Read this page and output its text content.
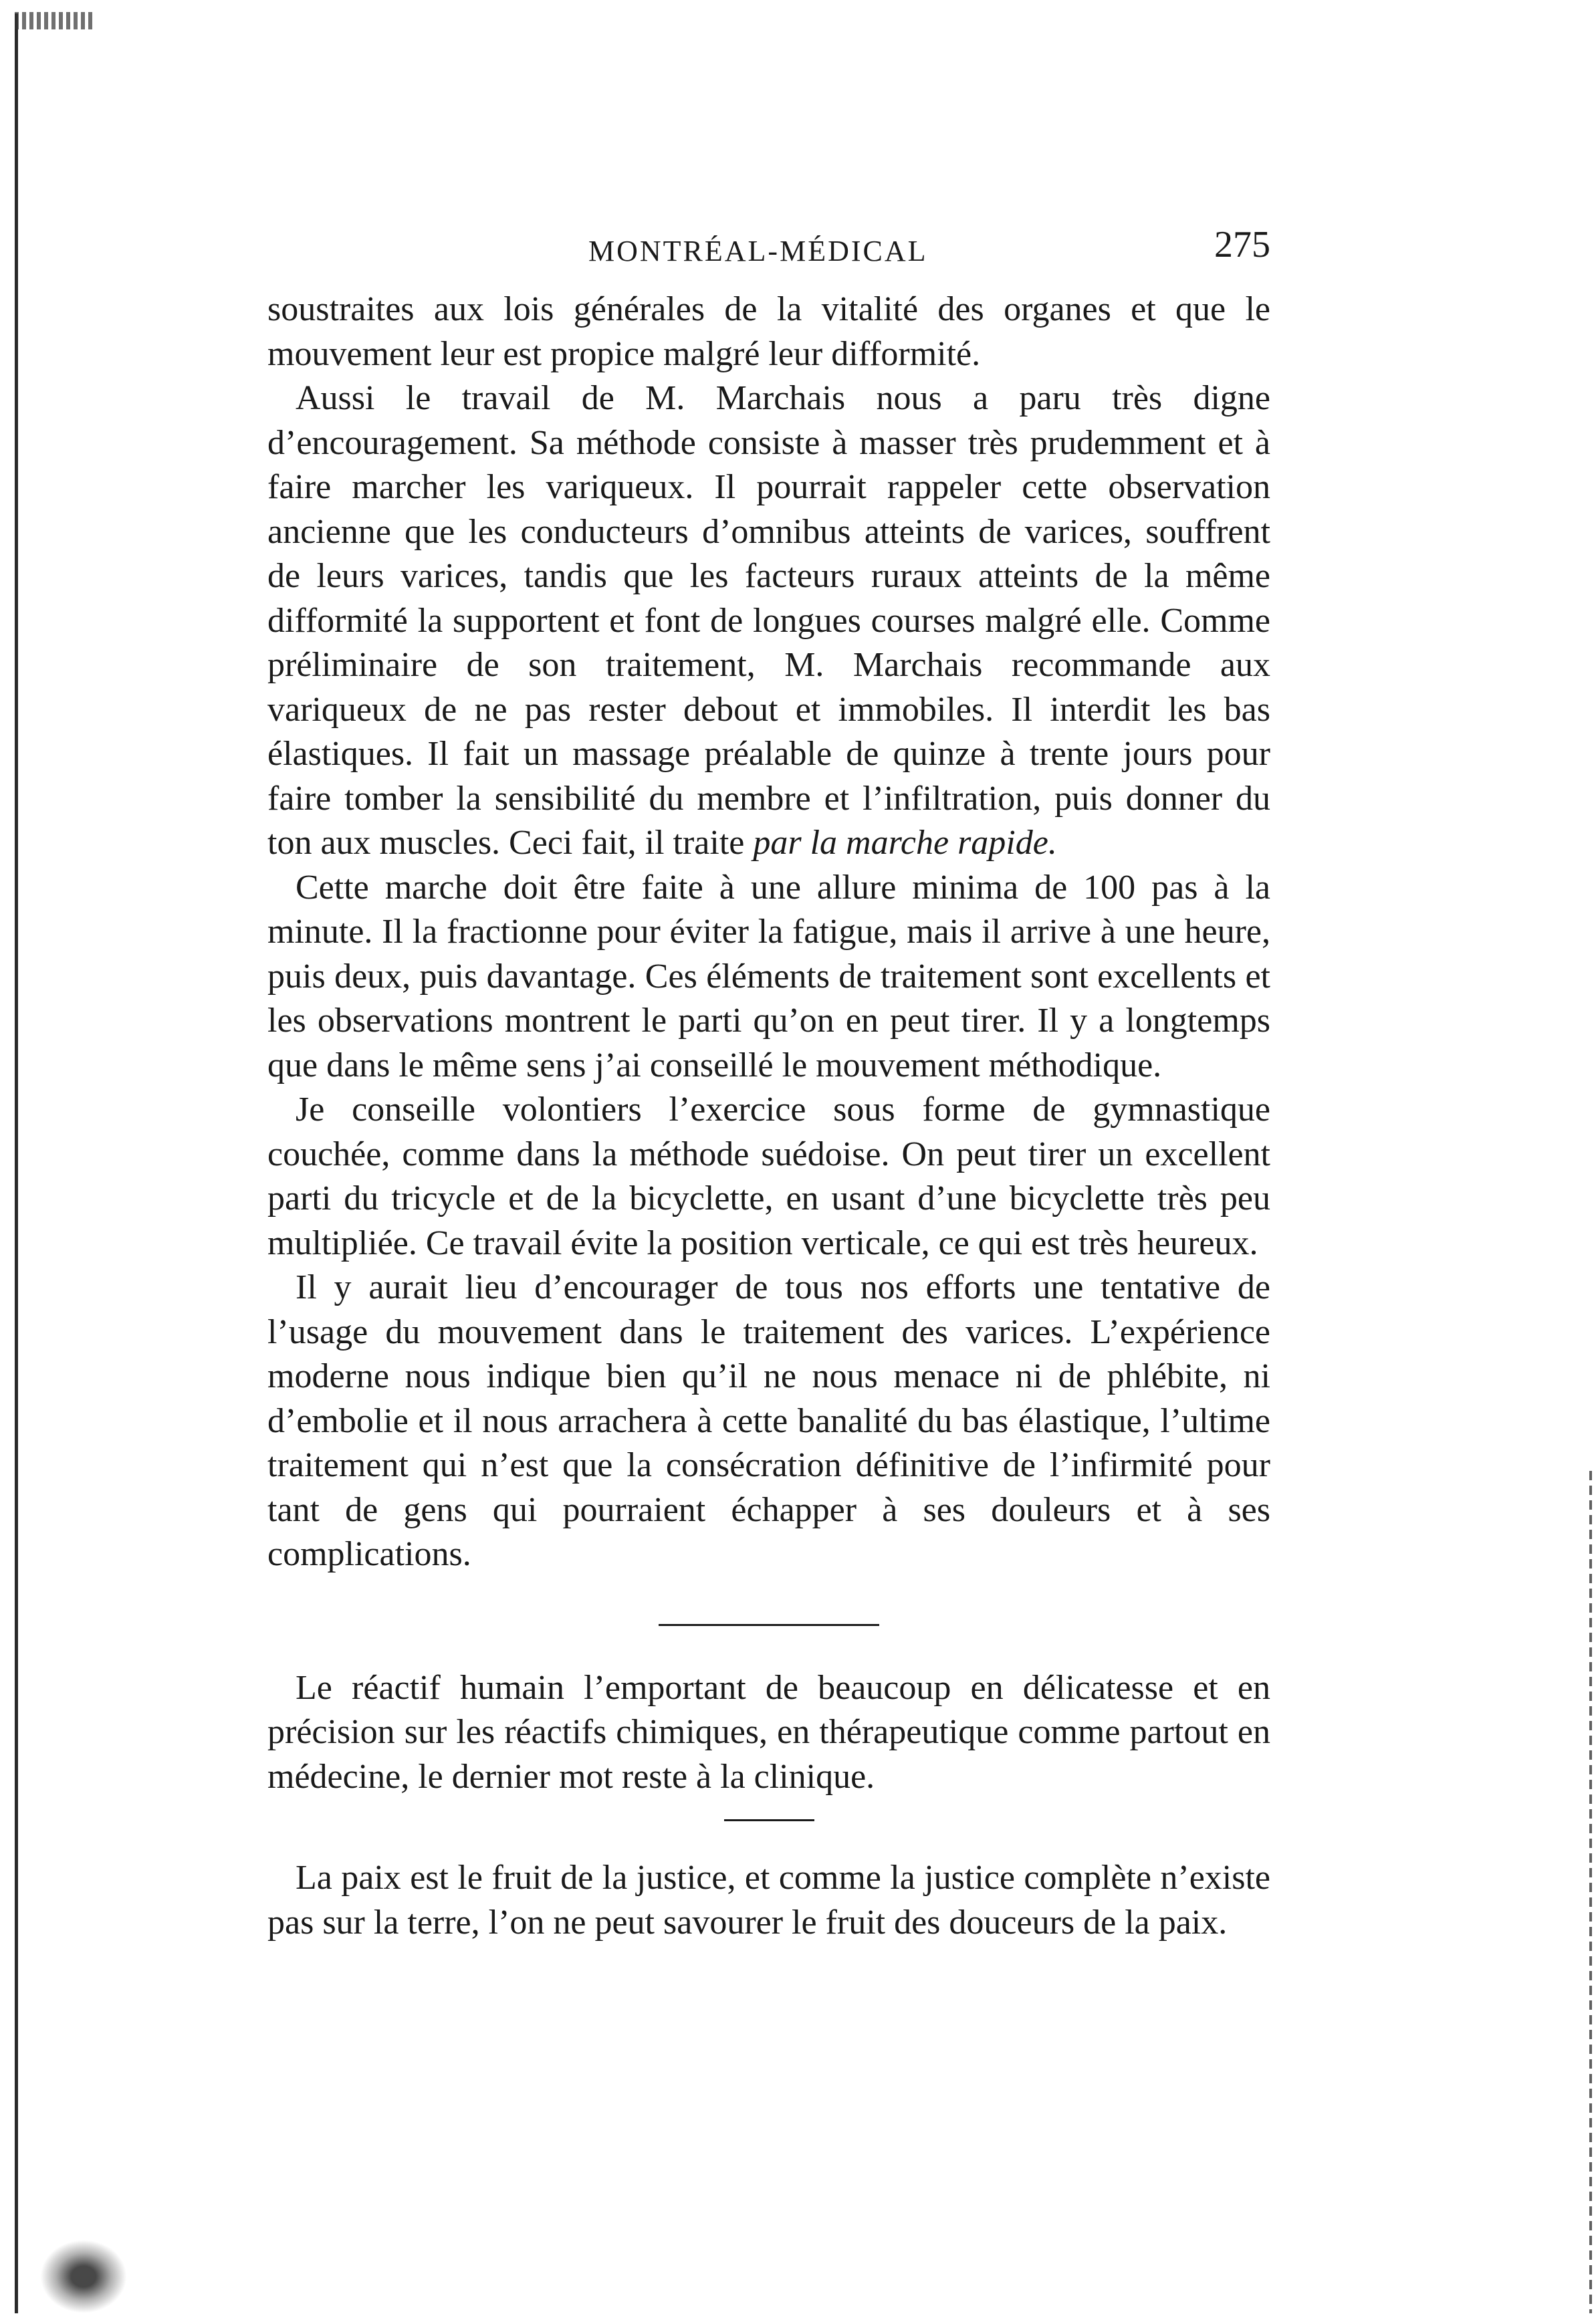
MONTRÉAL-MÉDICAL	275

soustraites aux lois générales de la vitalité des organes et que le mouvement leur est propice malgré leur difformité.

Aussi le travail de M. Marchais nous a paru très digne d’encouragement. Sa méthode consiste à masser très prudemment et à faire marcher les variqueux. Il pourrait rappeler cette observation ancienne que les conducteurs d’omnibus atteints de varices, souffrent de leurs varices, tandis que les facteurs ruraux atteints de la même difformité la supportent et font de longues courses malgré elle. Comme préliminaire de son traitement, M. Marchais recommande aux variqueux de ne pas rester debout et immobiles. Il interdit les bas élastiques. Il fait un massage préalable de quinze à trente jours pour faire tomber la sensibilité du membre et l’infiltration, puis donner du ton aux muscles. Ceci fait, il traite par la marche rapide.

Cette marche doit être faite à une allure minima de 100 pas à la minute. Il la fractionne pour éviter la fatigue, mais il arrive à une heure, puis deux, puis davantage. Ces éléments de traitement sont excellents et les observations montrent le parti qu’on en peut tirer. Il y a longtemps que dans le même sens j’ai conseillé le mouvement méthodique.

Je conseille volontiers l’exercice sous forme de gymnastique couchée, comme dans la méthode suédoise. On peut tirer un excellent parti du tricycle et de la bicyclette, en usant d’une bicyclette très peu multipliée. Ce travail évite la position verticale, ce qui est très heureux.

Il y aurait lieu d’encourager de tous nos efforts une tentative de l’usage du mouvement dans le traitement des varices. L’expérience moderne nous indique bien qu’il ne nous menace ni de phlébite, ni d’embolie et il nous arrachera à cette banalité du bas élastique, l’ultime traitement qui n’est que la consécration définitive de l’infirmité pour tant de gens qui pourraient échapper à ses douleurs et à ses complications.

Le réactif humain l’emportant de beaucoup en délicatesse et en précision sur les réactifs chimiques, en thérapeutique comme partout en médecine, le dernier mot reste à la clinique.

La paix est le fruit de la justice, et comme la justice complète n’existe pas sur la terre, l’on ne peut savourer le fruit des douceurs de la paix.
